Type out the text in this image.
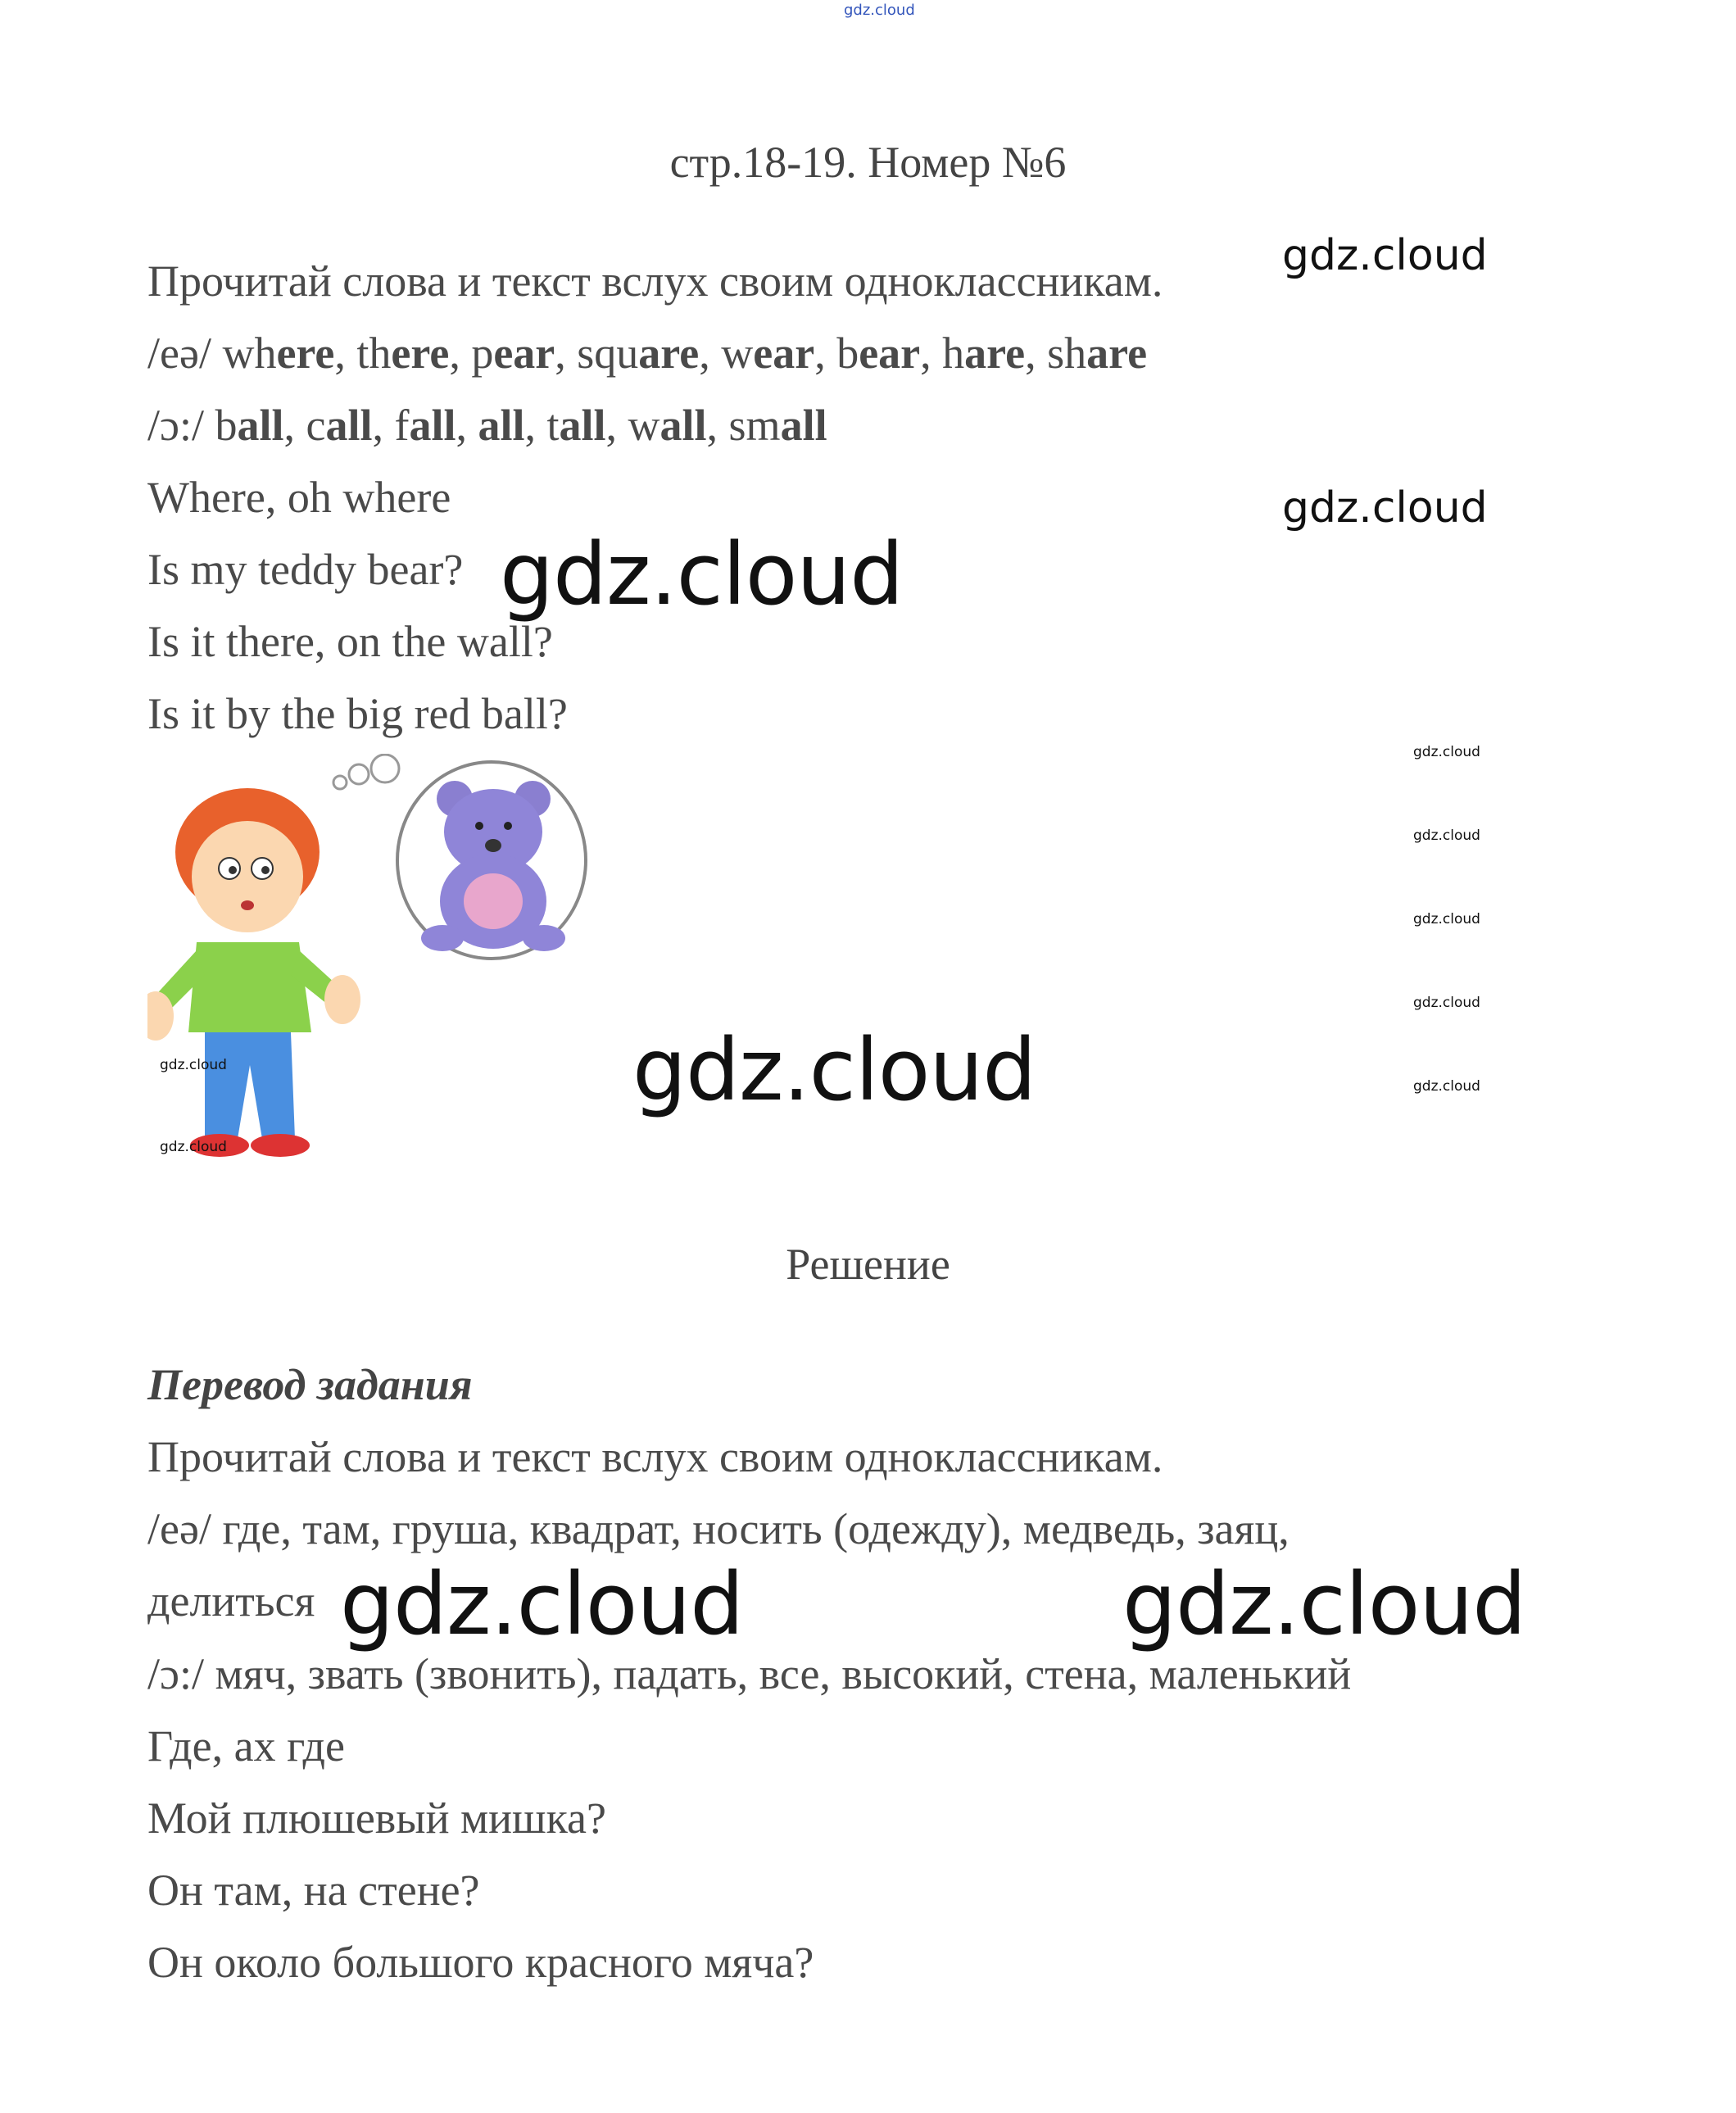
gdz.cloud
стр.18-19. Номер №6
Прочитай слова и текст вслух своим одноклассникам.
gdz.cloud
/eə/ where, there, pear, square, wear, bear, hare, share
/ɔ:/ ball, call, fall, all, tall, wall, small
Where, oh where	gdz.cloud
Is my teddy bear? gdz.cloud
Is it there, on the wall?
Is it by the big red ball?
gdz.cloud
gdz.cloud
gdz.cloud
gdz.cloud
gdz.cloud
gdz.cloud
gdz.cloud
gdz.cloud
Решение
Перевод задания
Прочитай слова и текст вслух своим одноклассникам.
/eə/ где, там, груша, квадрат, носить (одежду), медведь, заяц,
делиться gdz.cloud	gdz.cloud
/ɔ:/ мяч, звать (звонить), падать, все, высокий, стена, маленький
Где, ах где
Мой плюшевый мишка?
Он там, на стене?
Он около большого красного мяча?
